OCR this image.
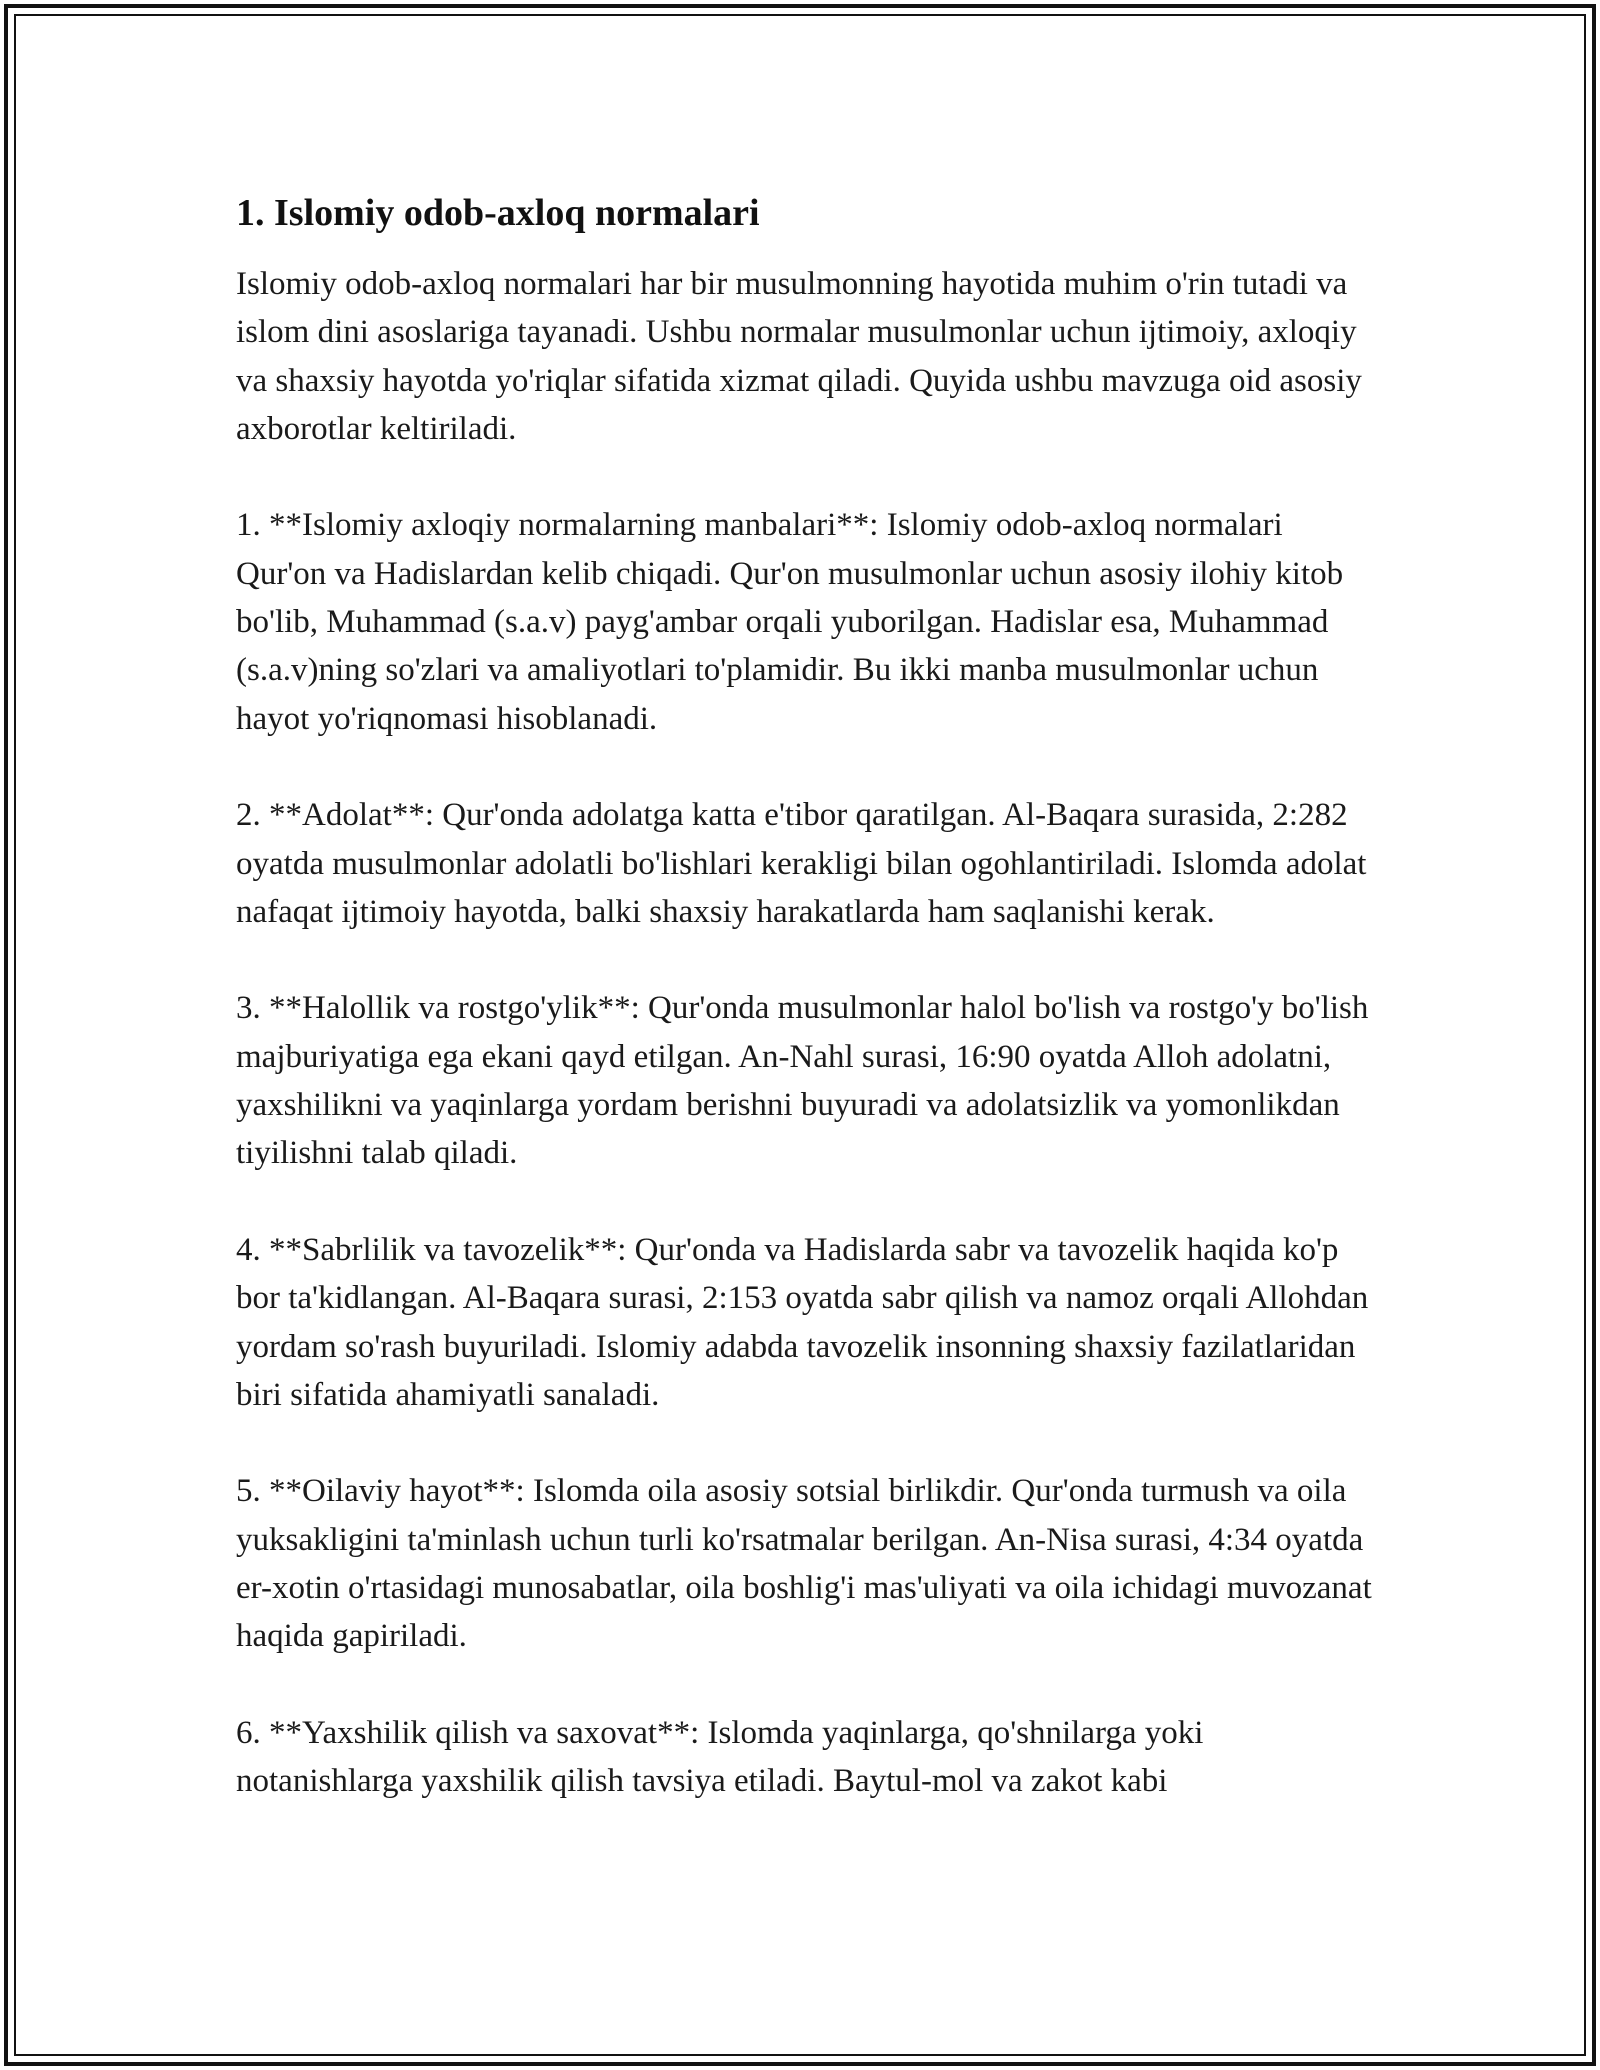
1. Islomiy odob-axloq normalari

Islomiy odob-axloq normalari har bir musulmonning hayotida muhim o'rin tutadi va islom dini asoslariga tayanadi. Ushbu normalar musulmonlar uchun ijtimoiy, axloqiy va shaxsiy hayotda yo'riqlar sifatida xizmat qiladi. Quyida ushbu mavzuga oid asosiy axborotlar keltiriladi.

1. **Islomiy axloqiy normalarning manbalari**: Islomiy odob-axloq normalari Qur'on va Hadislardan kelib chiqadi. Qur'on musulmonlar uchun asosiy ilohiy kitob bo'lib, Muhammad (s.a.v) payg'ambar orqali yuborilgan. Hadislar esa, Muhammad (s.a.v)ning so'zlari va amaliyotlari to'plamidir. Bu ikki manba musulmonlar uchun hayot yo'riqnomasi hisoblanadi.

2. **Adolat**: Qur'onda adolatga katta e'tibor qaratilgan. Al-Baqara surasida, 2:282 oyatda musulmonlar adolatli bo'lishlari kerakligi bilan ogohlantiriladi. Islomda adolat nafaqat ijtimoiy hayotda, balki shaxsiy harakatlarda ham saqlanishi kerak.

3. **Halollik va rostgo'ylik**: Qur'onda musulmonlar halol bo'lish va rostgo'y bo'lish majburiyatiga ega ekani qayd etilgan. An-Nahl surasi, 16:90 oyatda Alloh adolatni, yaxshilikni va yaqinlarga yordam berishni buyuradi va adolatsizlik va yomonlikdan tiyilishni talab qiladi.

4. **Sabrlilik va tavozelik**: Qur'onda va Hadislarda sabr va tavozelik haqida ko'p bor ta'kidlangan. Al-Baqara surasi, 2:153 oyatda sabr qilish va namoz orqali Allohdan yordam so'rash buyuriladi. Islomiy adabda tavozelik insonning shaxsiy fazilatlaridan biri sifatida ahamiyatli sanaladi.

5. **Oilaviy hayot**: Islomda oila asosiy sotsial birlikdir. Qur'onda turmush va oila yuksakligini ta'minlash uchun turli ko'rsatmalar berilgan. An-Nisa surasi, 4:34 oyatda er-xotin o'rtasidagi munosabatlar, oila boshlig'i mas'uliyati va oila ichidagi muvozanat haqida gapiriladi.

6. **Yaxshilik qilish va saxovat**: Islomda yaqinlarga, qo'shnilarga yoki notanishlarga yaxshilik qilish tavsiya etiladi. Baytul-mol va zakot kabi
